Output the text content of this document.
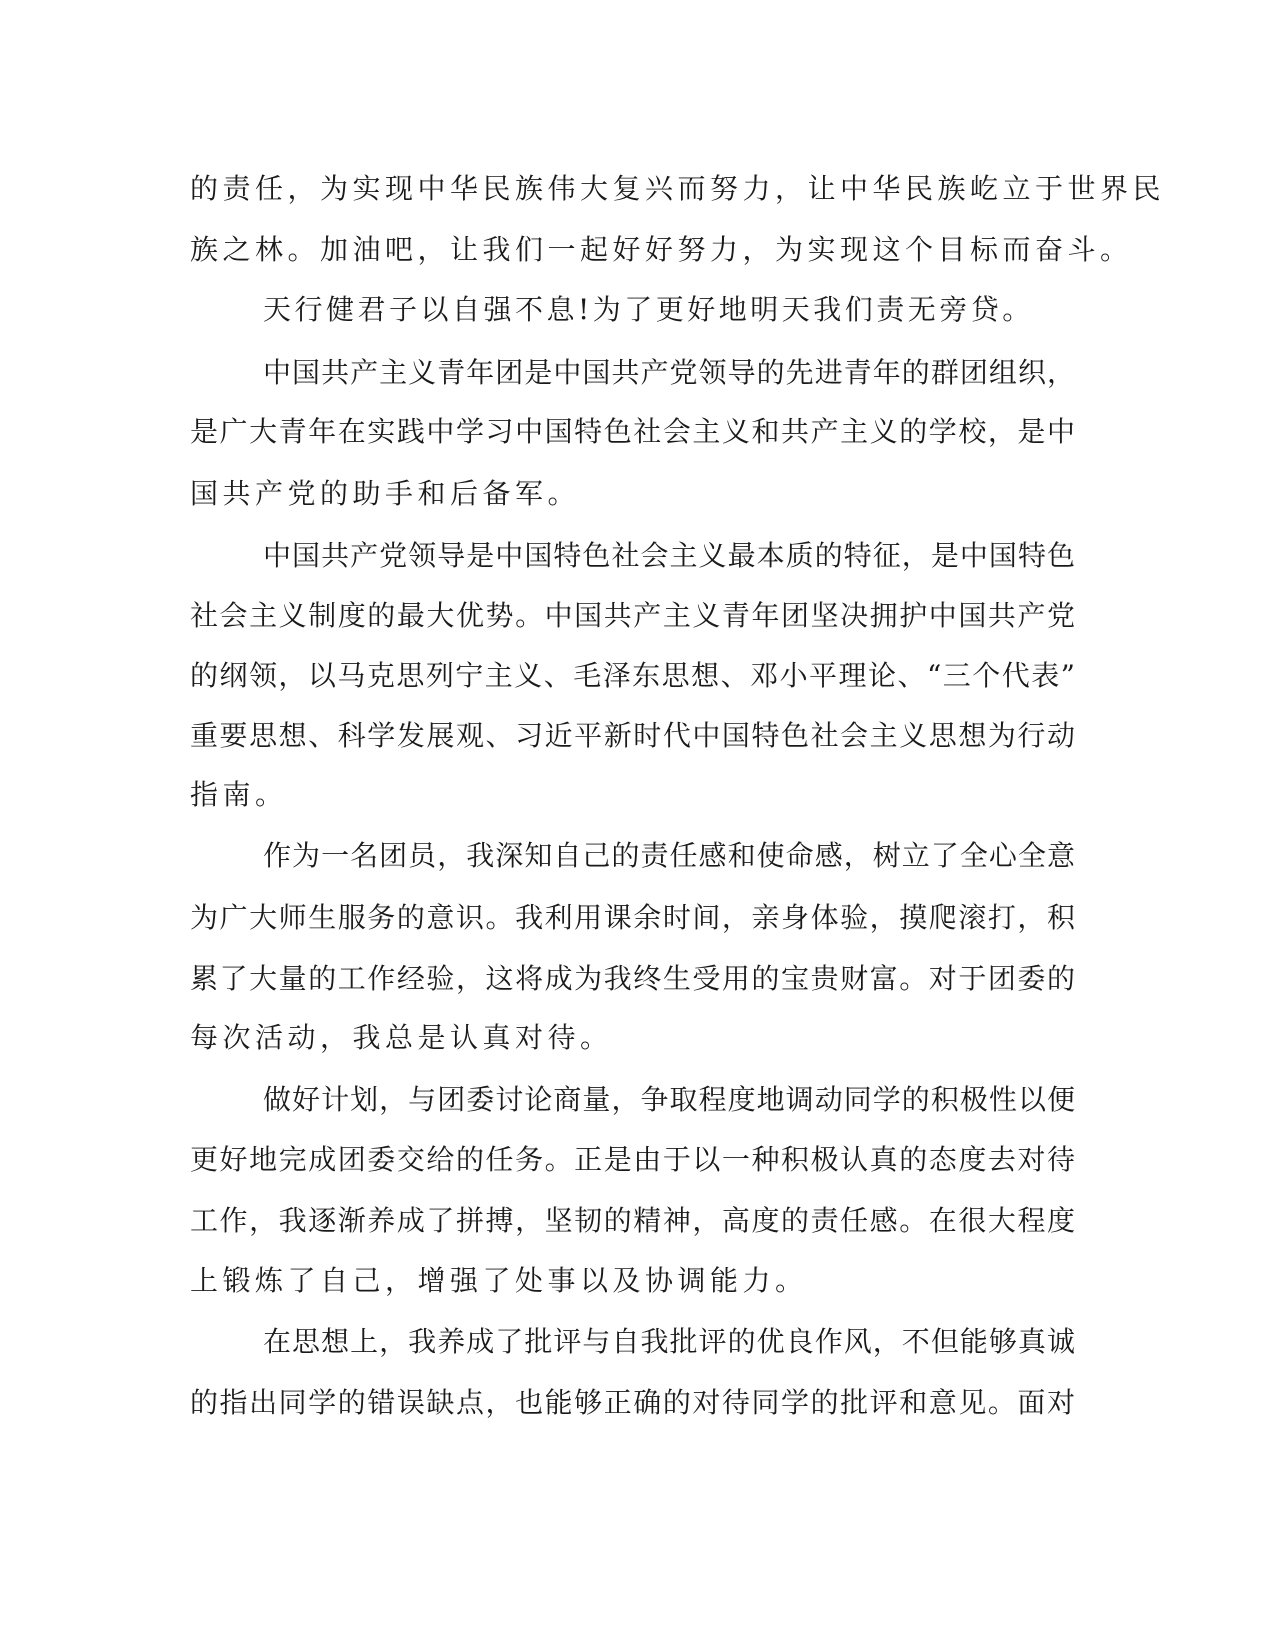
的责任，为实现中华民族伟大复兴而努力，让中华民族屹立于世界民

族之林。加油吧，让我们一起好好努力，为实现这个目标而奋斗。

天行健君子以自强不息!为了更好地明天我们责无旁贷。

中国共产主义青年团是中国共产党领导的先进青年的群团组织，

是广大青年在实践中学习中国特色社会主义和共产主义的学校，是中

国共产党的助手和后备军。

中国共产党领导是中国特色社会主义最本质的特征，是中国特色

社会主义制度的最大优势。中国共产主义青年团坚决拥护中国共产党

的纲领，以马克思列宁主义、毛泽东思想、邓小平理论、“三个代表”

重要思想、科学发展观、习近平新时代中国特色社会主义思想为行动

指南。

作为一名团员，我深知自己的责任感和使命感，树立了全心全意

为广大师生服务的意识。我利用课余时间，亲身体验，摸爬滚打，积

累了大量的工作经验，这将成为我终生受用的宝贵财富。对于团委的

每次活动，我总是认真对待。

做好计划，与团委讨论商量，争取程度地调动同学的积极性以便

更好地完成团委交给的任务。正是由于以一种积极认真的态度去对待

工作，我逐渐养成了拼搏，坚韧的精神，高度的责任感。在很大程度

上锻炼了自己，增强了处事以及协调能力。

在思想上，我养成了批评与自我批评的优良作风，不但能够真诚

的指出同学的错误缺点，也能够正确的对待同学的批评和意见。面对
